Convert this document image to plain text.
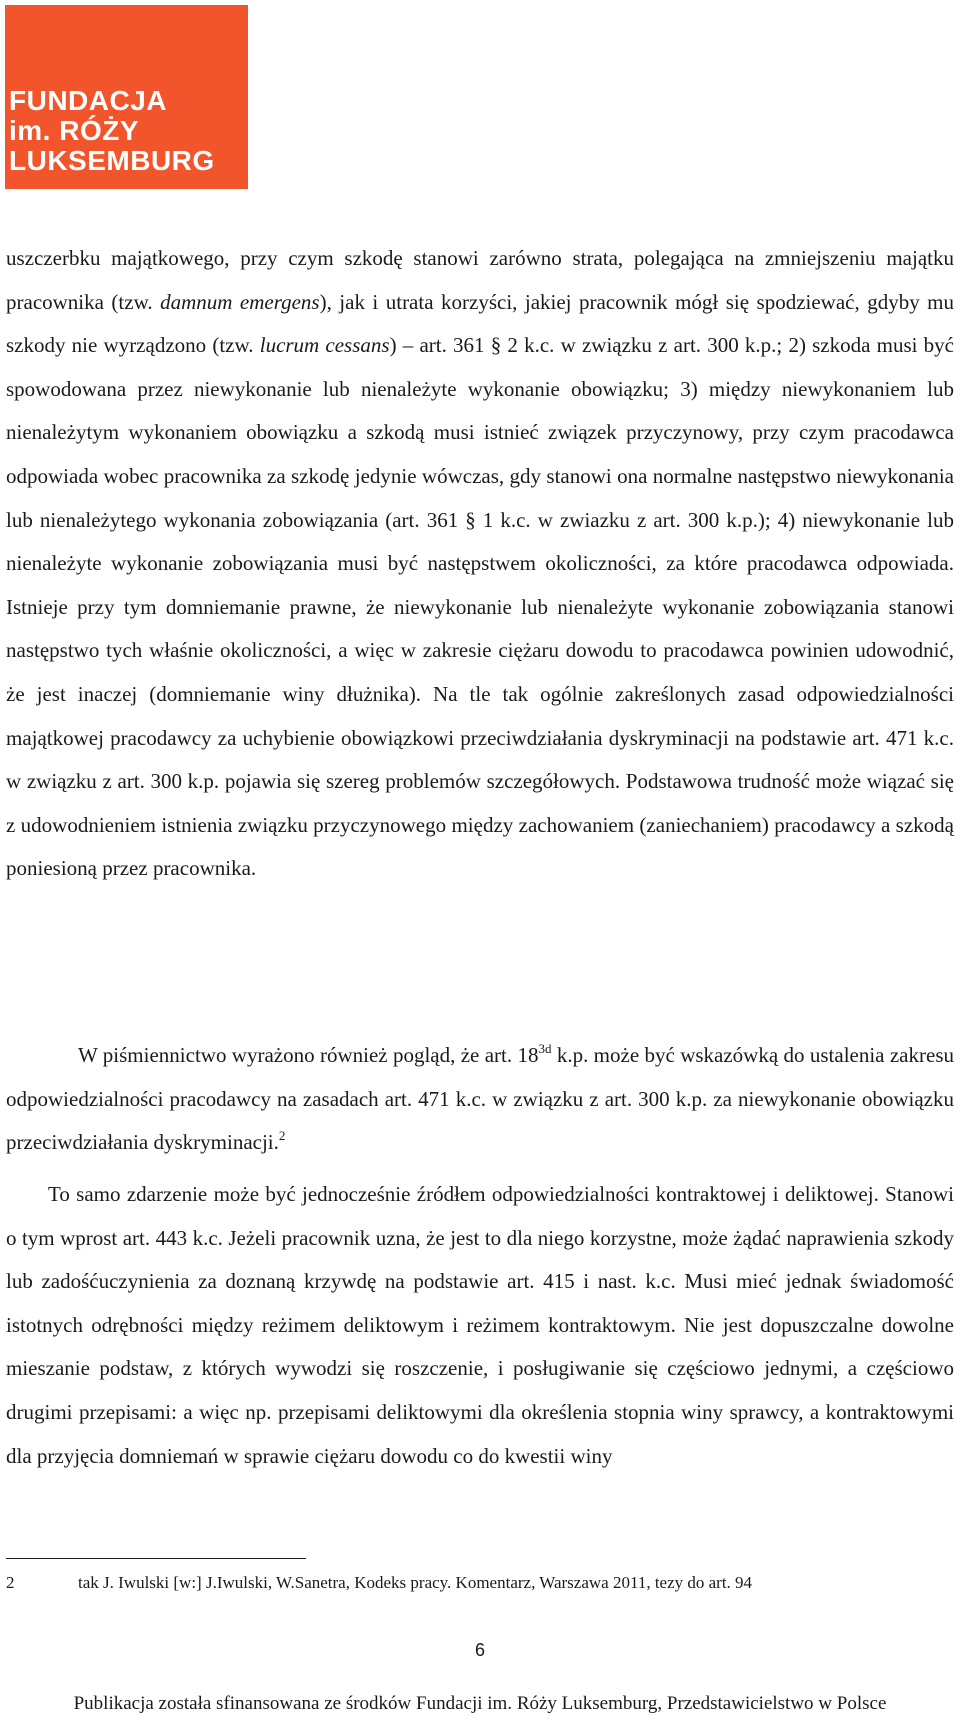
FUNDACJA
im. RÓŻY
LUKSEMBURG

uszczerbku majątkowego, przy czym szkodę stanowi zarówno strata, polegająca na zmniejszeniu majątku pracownika (tzw. damnum emergens), jak i utrata korzyści, jakiej pracownik mógł się spodziewać, gdyby mu szkody nie wyrządzono (tzw. lucrum cessans) – art. 361 § 2 k.c. w związku z art. 300 k.p.; 2) szkoda musi być spowodowana przez niewykonanie lub nienależyte wykonanie obowiązku; 3) między niewykonaniem lub nienależytym wykonaniem obowiązku a szkodą musi istnieć związek przyczynowy, przy czym pracodawca odpowiada wobec pracownika za szkodę jedynie wówczas, gdy stanowi ona normalne następstwo niewykonania lub nienależytego wykonania zobowiązania (art. 361 § 1 k.c. w zwiazku z art. 300 k.p.); 4) niewykonanie lub nienależyte wykonanie zobowiązania musi być następstwem okoliczności, za które pracodawca odpowiada. Istnieje przy tym domniemanie prawne, że niewykonanie lub nienależyte wykonanie zobowiązania stanowi następstwo tych właśnie okoliczności, a więc w zakresie ciężaru dowodu to pracodawca powinien udowodnić, że jest inaczej (domniemanie winy dłużnika). Na tle tak ogólnie zakreślonych zasad odpowiedzialności majątkowej pracodawcy za uchybienie obowiązkowi przeciwdziałania dyskryminacji na podstawie art. 471 k.c. w związku z art. 300 k.p. pojawia się szereg problemów szczegółowych. Podstawowa trudność może wiązać się z udowodnieniem istnienia związku przyczynowego między zachowaniem (zaniechaniem) pracodawcy a szkodą poniesioną przez pracownika.

W piśmiennictwo wyrażono również pogląd, że art. $18^{3d}$ k.p. może być wskazówką do ustalenia zakresu odpowiedzialności pracodawcy na zasadach art. 471 k.c. w związku z art. 300 k.p. za niewykonanie obowiązku przeciwdziałania dyskryminacji.$^2$

To samo zdarzenie może być jednocześnie źródłem odpowiedzialności kontraktowej i deliktowej. Stanowi o tym wprost art. 443 k.c. Jeżeli pracownik uzna, że jest to dla niego korzystne, może żądać naprawienia szkody lub zadośćuczynienia za doznaną krzywdę na podstawie art. 415 i nast. k.c. Musi mieć jednak świadomość istotnych odrębności między reżimem deliktowym i reżimem kontraktowym. Nie jest dopuszczalne dowolne mieszanie podstaw, z których wywodzi się roszczenie, i posługiwanie się częściowo jednymi, a częściowo drugimi przepisami: a więc np. przepisami deliktowymi dla określenia stopnia winy sprawcy, a kontraktowymi dla przyjęcia domniemań w sprawie ciężaru dowodu co do kwestii winy

2	tak J. Iwulski [w:] J.Iwulski, W.Sanetra, Kodeks pracy. Komentarz, Warszawa 2011, tezy do art. 94
6
Publikacja została sfinansowana ze środków Fundacji im. Róży Luksemburg, Przedstawicielstwo w Polsce
